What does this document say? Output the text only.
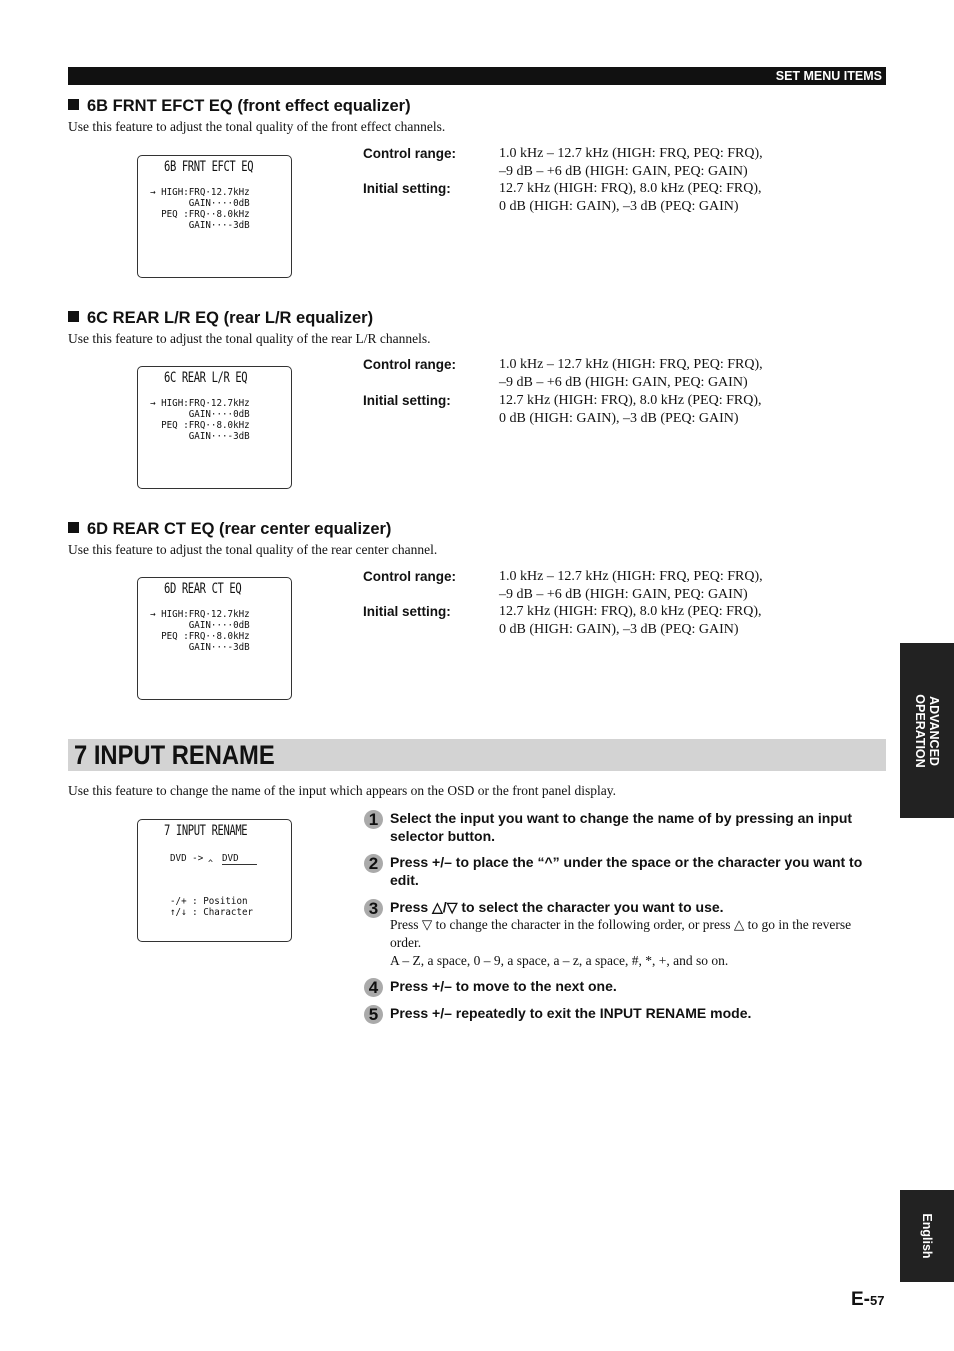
SET MENU ITEMS
6B FRNT EFCT EQ (front effect equalizer)
Use this feature to adjust the tonal quality of the front effect channels.
6B FRNT EFCT EQ
→ HIGH:FRQ·12.7kHz
GAIN····0dB
PEQ :FRQ··8.0kHz
GAIN···-3dB
Control range:	1.0 kHz – 12.7 kHz (HIGH: FRQ, PEQ: FRQ),
–9 dB – +6 dB (HIGH: GAIN, PEQ: GAIN)
Initial setting:	12.7 kHz (HIGH: FRQ), 8.0 kHz (PEQ: FRQ),
0 dB (HIGH: GAIN), –3 dB (PEQ: GAIN)
6C REAR L/R EQ (rear L/R equalizer)
Use this feature to adjust the tonal quality of the rear L/R channels.
6C REAR L/R EQ
→ HIGH:FRQ·12.7kHz
GAIN····0dB
PEQ :FRQ··8.0kHz
GAIN···-3dB
Control range:	1.0 kHz – 12.7 kHz (HIGH: FRQ, PEQ: FRQ),
–9 dB – +6 dB (HIGH: GAIN, PEQ: GAIN)
Initial setting:	12.7 kHz (HIGH: FRQ), 8.0 kHz (PEQ: FRQ),
0 dB (HIGH: GAIN), –3 dB (PEQ: GAIN)
6D REAR CT EQ (rear center equalizer)
Use this feature to adjust the tonal quality of the rear center channel.
6D REAR CT EQ
→ HIGH:FRQ·12.7kHz
GAIN····0dB
PEQ :FRQ··8.0kHz
GAIN···-3dB
Control range:	1.0 kHz – 12.7 kHz (HIGH: FRQ, PEQ: FRQ),
–9 dB – +6 dB (HIGH: GAIN, PEQ: GAIN)
Initial setting:	12.7 kHz (HIGH: FRQ), 8.0 kHz (PEQ: FRQ),
0 dB (HIGH: GAIN), –3 dB (PEQ: GAIN)
7 INPUT RENAME
Use this feature to change the name of the input which appears on the OSD or the front panel display.
7 INPUT RENAME
DVD -> ^ DVD
-/+ : Position
↑/↓ : Character
1 Select the input you want to change the name of by pressing an input selector button.
2 Press +/– to place the “^” under the space or the character you want to edit.
3 Press △/▽ to select the character you want to use.
Press ▽ to change the character in the following order, or press △ to go in the reverse order.
A – Z, a space, 0 – 9, a space, a – z, a space, #, *, +, and so on.
4 Press +/– to move to the next one.
5 Press +/– repeatedly to exit the INPUT RENAME mode.
ADVANCED
OPERATION
English
E-57
